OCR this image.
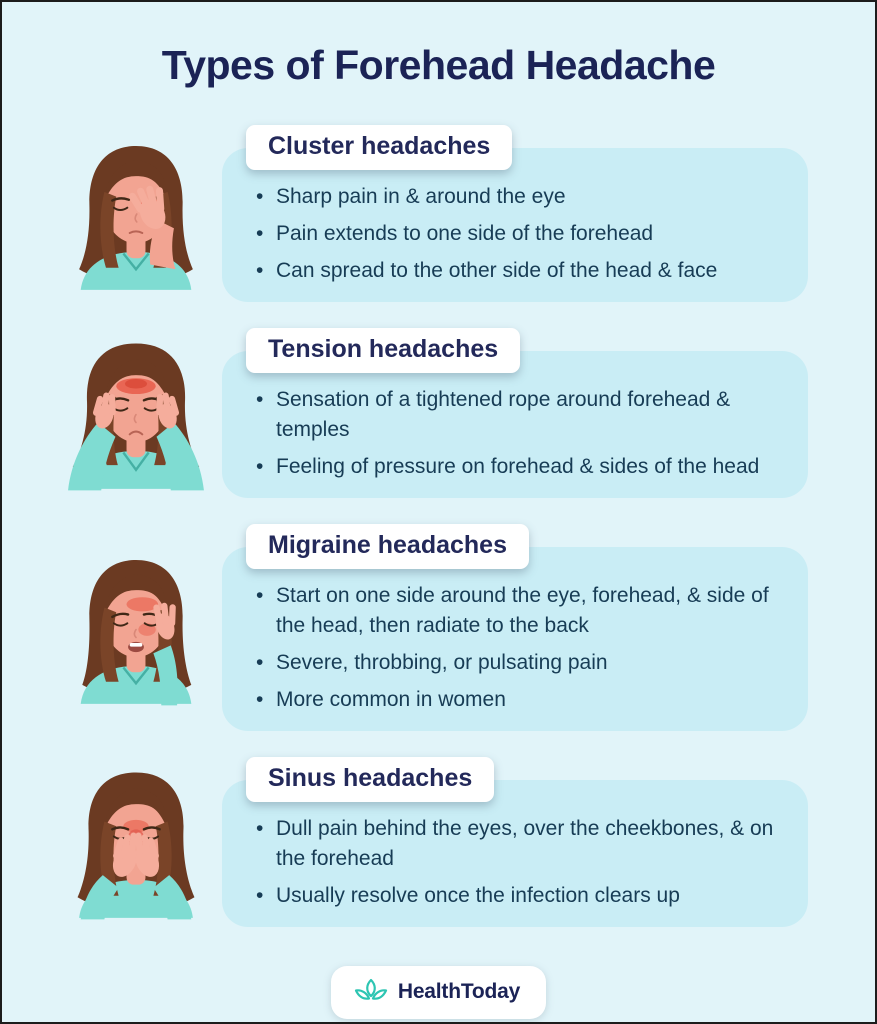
Types of Forehead Headache
Cluster headaches
• Sharp pain in & around the eye
• Pain extends to one side of the forehead
• Can spread to the other side of the head & face
Tension headaches
• Sensation of a tightened rope around forehead & temples
• Feeling of pressure on forehead & sides of the head
Migraine headaches
• Start on one side around the eye, forehead, & side of the head, then radiate to the back
• Severe, throbbing, or pulsating pain
• More common in women
Sinus headaches
• Dull pain behind the eyes, over the cheekbones, & on the forehead
• Usually resolve once the infection clears up
HealthToday
